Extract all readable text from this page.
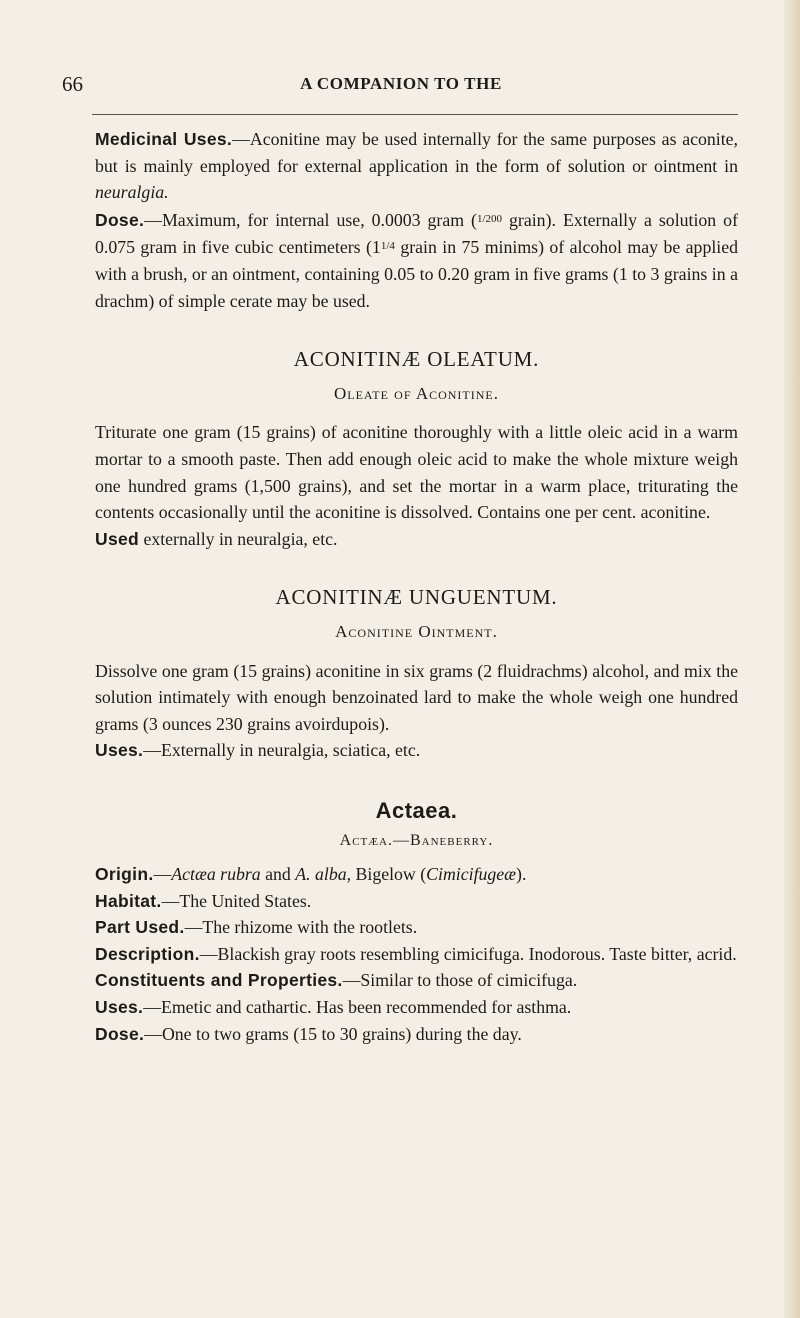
66	A COMPANION TO THE

Medicinal Uses.—Aconitine may be used internally for the same purposes as aconite, but is mainly employed for external application in the form of solution or ointment in neuralgia.

Dose.—Maximum, for internal use, 0.0003 gram ($^{1/200}$ grain). Externally a solution of 0.075 gram in five cubic centimeters ($1^{1/4}$ grain in 75 minims) of alcohol may be applied with a brush, or an ointment, containing 0.05 to 0.20 gram in five grams (1 to 3 grains in a drachm) of simple cerate may be used.

ACONITINÆ OLEATUM.
Oleate of Aconitine.

Triturate one gram (15 grains) of aconitine thoroughly with a little oleic acid in a warm mortar to a smooth paste. Then add enough oleic acid to make the whole mixture weigh one hundred grams (1,500 grains), and set the mortar in a warm place, triturating the contents occasionally until the aconitine is dissolved. Contains one per cent. aconitine.

Used externally in neuralgia, etc.

ACONITINÆ UNGUENTUM.
Aconitine Ointment.

Dissolve one gram (15 grains) aconitine in six grams (2 fluidrachms) alcohol, and mix the solution intimately with enough benzoinated lard to make the whole weigh one hundred grams (3 ounces 230 grains avoirdupois).

Uses.—Externally in neuralgia, sciatica, etc.

Actaea.
Actæa.—Baneberry.

Origin.—Actæa rubra and A. alba, Bigelow (Cimicifugeæ).

Habitat.—The United States.

Part Used.—The rhizome with the rootlets.

Description.—Blackish gray roots resembling cimicifuga. Inodorous. Taste bitter, acrid.

Constituents and Properties.—Similar to those of cimicifuga.

Uses.—Emetic and cathartic. Has been recommended for asthma.

Dose.—One to two grams (15 to 30 grains) during the day.
